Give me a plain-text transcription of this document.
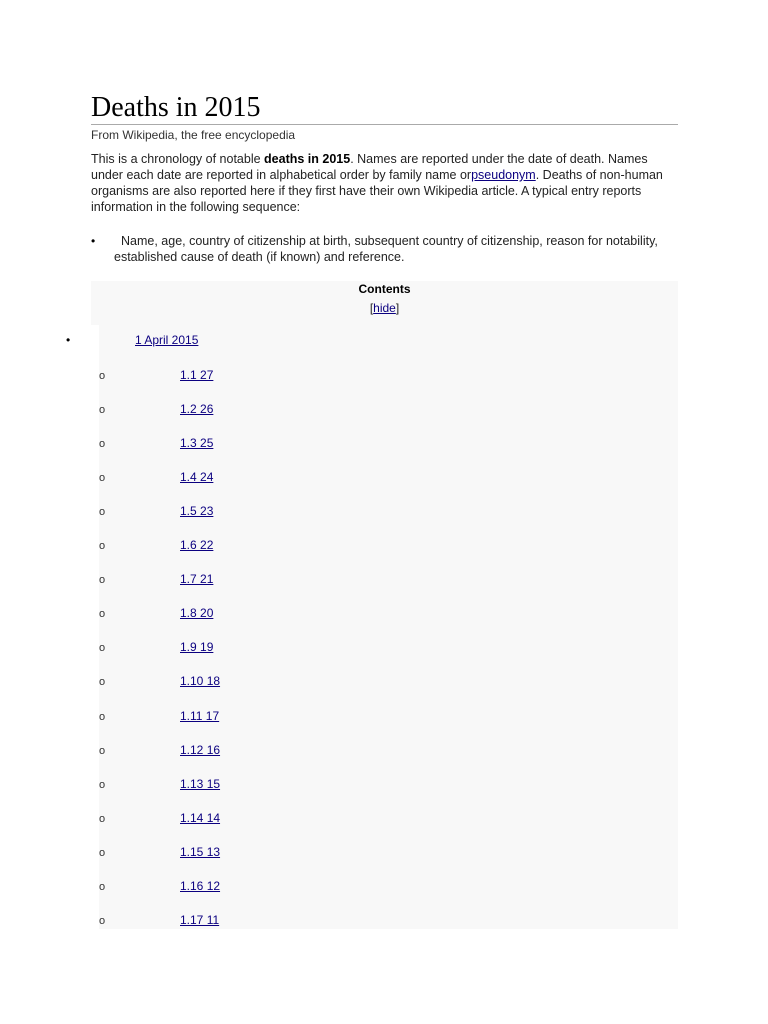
Deaths in 2015
From Wikipedia, the free encyclopedia

This is a chronology of notable deaths in 2015. Names are reported under the date of death. Names under each date are reported in alphabetical order by family name orpseudonym. Deaths of non-human organisms are also reported here if they first have their own Wikipedia article. A typical entry reports information in the following sequence:

•	Name, age, country of citizenship at birth, subsequent country of citizenship, reason for notability, established cause of death (if known) and reference.

Contents
[hide]
•	1 April 2015
o	1.1 27
o	1.2 26
o	1.3 25
o	1.4 24
o	1.5 23
o	1.6 22
o	1.7 21
o	1.8 20
o	1.9 19
o	1.10 18
o	1.11 17
o	1.12 16
o	1.13 15
o	1.14 14
o	1.15 13
o	1.16 12
o	1.17 11
